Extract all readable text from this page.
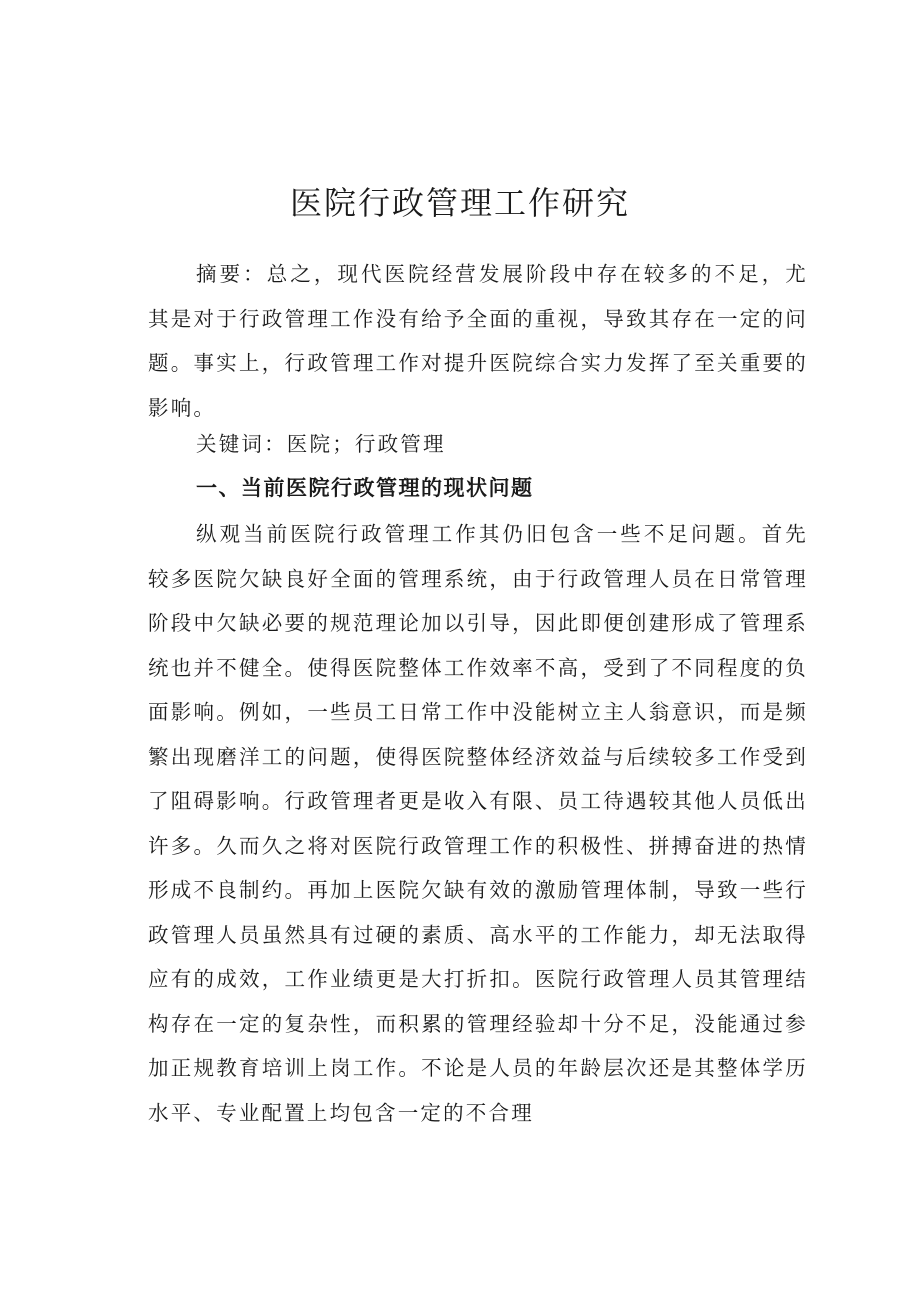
医院行政管理工作研究

摘要：总之，现代医院经营发展阶段中存在较多的不足，尤其是对于行政管理工作没有给予全面的重视，导致其存在一定的问题。事实上，行政管理工作对提升医院综合实力发挥了至关重要的影响。

关键词：医院；行政管理

一、当前医院行政管理的现状问题

纵观当前医院行政管理工作其仍旧包含一些不足问题。首先较多医院欠缺良好全面的管理系统，由于行政管理人员在日常管理阶段中欠缺必要的规范理论加以引导，因此即便创建形成了管理系统也并不健全。使得医院整体工作效率不高，受到了不同程度的负面影响。例如，一些员工日常工作中没能树立主人翁意识，而是频繁出现磨洋工的问题，使得医院整体经济效益与后续较多工作受到了阻碍影响。行政管理者更是收入有限、员工待遇较其他人员低出许多。久而久之将对医院行政管理工作的积极性、拼搏奋进的热情形成不良制约。再加上医院欠缺有效的激励管理体制，导致一些行政管理人员虽然具有过硬的素质、高水平的工作能力，却无法取得应有的成效，工作业绩更是大打折扣。医院行政管理人员其管理结构存在一定的复杂性，而积累的管理经验却十分不足，没能通过参加正规教育培训上岗工作。不论是人员的年龄层次还是其整体学历水平、专业配置上均包含一定的不合理
